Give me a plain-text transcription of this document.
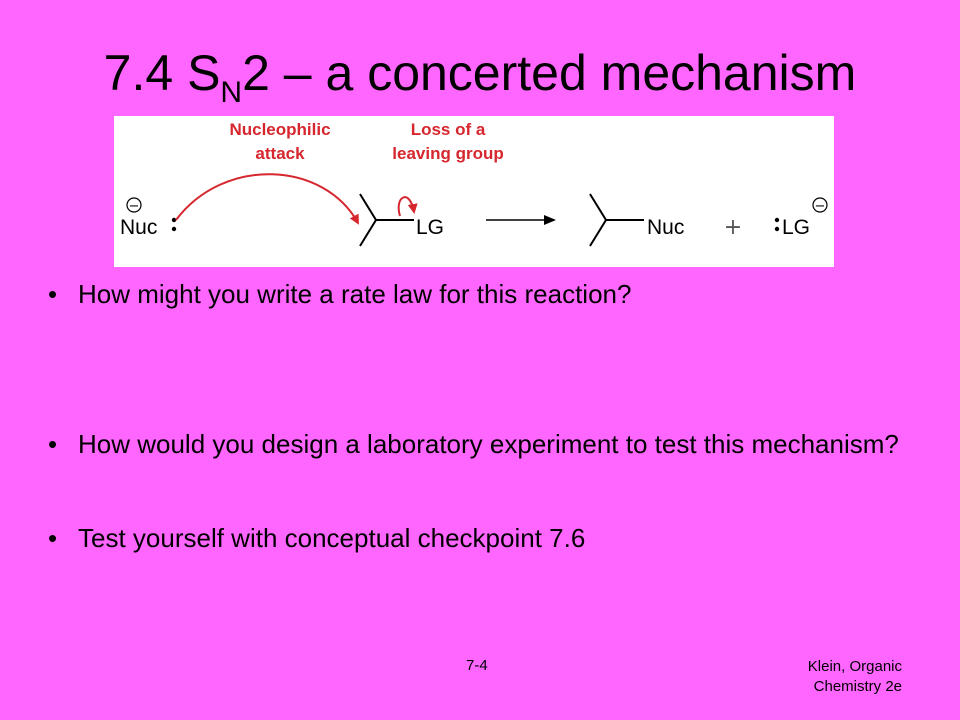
7.4 $S_N2$ – a concerted mechanism
Nucleophilic
attack
Loss of a
leaving group
−
Nuc	LG	Nuc + LG
−
• How might you write a rate law for this reaction?
• How would you design a laboratory experiment to test this mechanism?
• Test yourself with conceptual checkpoint 7.6
7-4	Klein, Organic
Chemistry 2e
